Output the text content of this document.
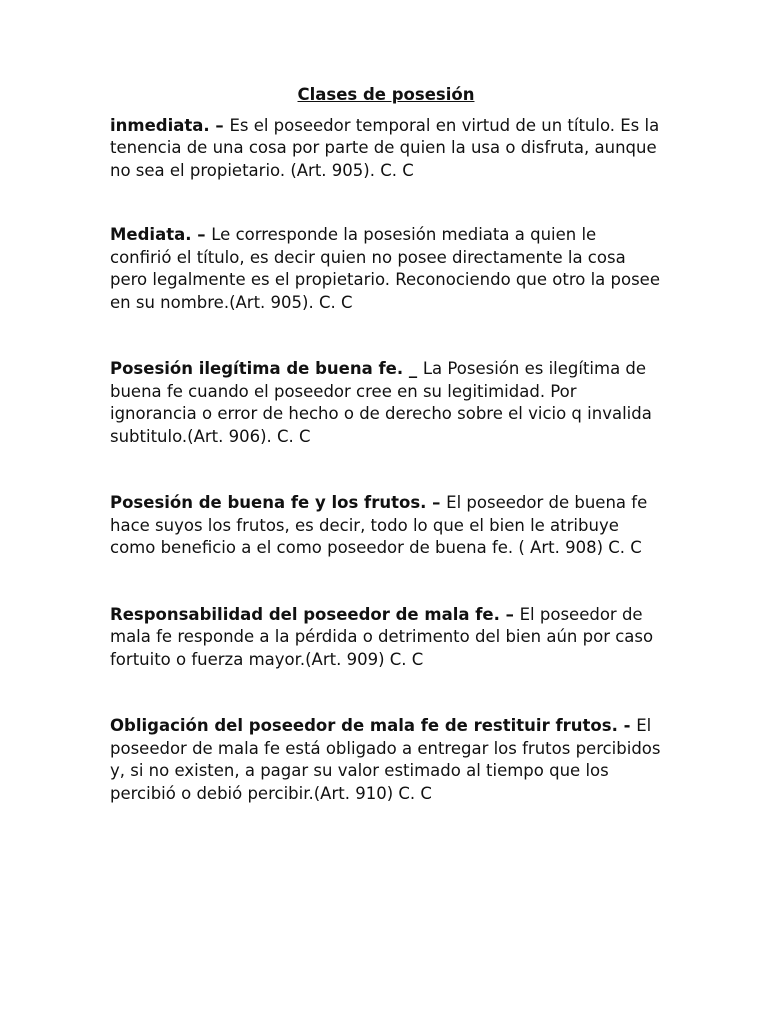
Clases de posesión

inmediata. – Es el poseedor temporal en virtud de un título. Es la tenencia de una cosa por parte de quien la usa o disfruta, aunque no sea el propietario. (Art. 905). C. C

Mediata. – Le corresponde la posesión mediata a quien le confirió el título, es decir quien no posee directamente la cosa pero legalmente es el propietario. Reconociendo que otro la posee en su nombre.(Art. 905). C. C

Posesión ilegítima de buena fe. _ La Posesión es ilegítima de buena fe cuando el poseedor cree en su legitimidad. Por ignorancia o error de hecho o de derecho sobre el vicio q invalida subtitulo.(Art. 906). C. C

Posesión de buena fe y los frutos. – El poseedor de buena fe hace suyos los frutos, es decir, todo lo que el bien le atribuye como beneficio a el como poseedor de buena fe. ( Art. 908) C. C

Responsabilidad del poseedor de mala fe. – El poseedor de mala fe responde a la pérdida o detrimento del bien aún por caso fortuito o fuerza mayor.(Art. 909) C. C

Obligación del poseedor de mala fe de restituir frutos. - El poseedor de mala fe está obligado a entregar los frutos percibidos y, si no existen, a pagar su valor estimado al tiempo que los percibió o debió percibir.(Art. 910) C. C
